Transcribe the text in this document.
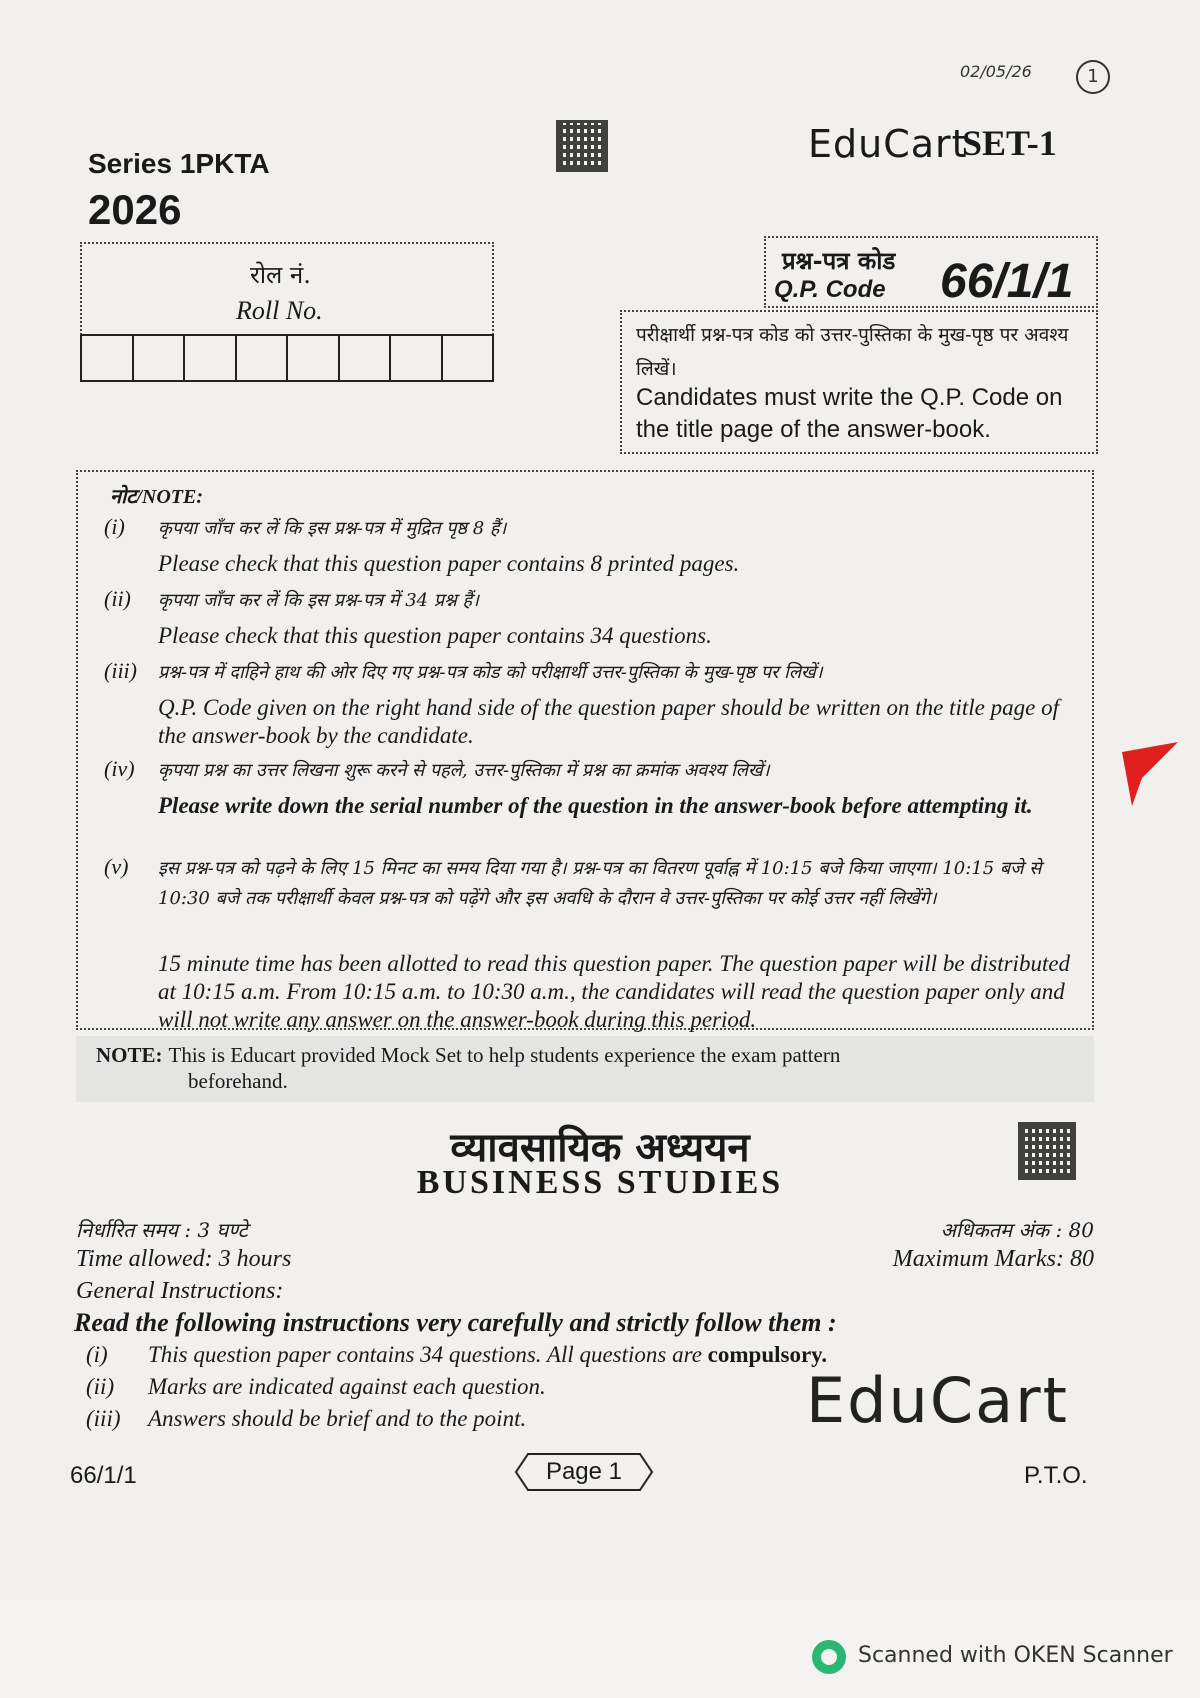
02/05/26	1
Series 1PKTA
2026
EduCart
SET-1
रोल नं.
Roll No.
प्रश्न-पत्र कोड
Q.P. Code 66/1/1
परीक्षार्थी प्रश्न-पत्र कोड को उत्तर-पुस्तिका के मुख-पृष्ठ पर अवश्य लिखें।
Candidates must write the Q.P. Code on the title page of the answer-book.
नोट/NOTE:
(i) कृपया जाँच कर लें कि इस प्रश्न-पत्र में मुद्रित पृष्ठ 8 हैं।
Please check that this question paper contains 8 printed pages.
(ii) कृपया जाँच कर लें कि इस प्रश्न-पत्र में 34 प्रश्न हैं।
Please check that this question paper contains 34 questions.
(iii) प्रश्न-पत्र में दाहिने हाथ की ओर दिए गए प्रश्न-पत्र कोड को परीक्षार्थी उत्तर-पुस्तिका के मुख-पृष्ठ पर लिखें।
Q.P. Code given on the right hand side of the question paper should be written on the title page of the answer-book by the candidate.
(iv) कृपया प्रश्न का उत्तर लिखना शुरू करने से पहले, उत्तर-पुस्तिका में प्रश्न का क्रमांक अवश्य लिखें।
Please write down the serial number of the question in the answer-book before attempting it.
(v) इस प्रश्न-पत्र को पढ़ने के लिए 15 मिनट का समय दिया गया है। प्रश्न-पत्र का वितरण पूर्वाह्न में 10:15 बजे किया जाएगा। 10:15 बजे से 10:30 बजे तक परीक्षार्थी केवल प्रश्न-पत्र को पढ़ेंगे और इस अवधि के दौरान वे उत्तर-पुस्तिका पर कोई उत्तर नहीं लिखेंगे।
15 minute time has been allotted to read this question paper. The question paper will be distributed at 10:15 a.m. From 10:15 a.m. to 10:30 a.m., the candidates will read the question paper only and will not write any answer on the answer-book during this period.
NOTE: This is Educart provided Mock Set to help students experience the exam pattern
beforehand.
व्यावसायिक अध्ययन
BUSINESS STUDIES
निर्धारित समय : 3 घण्टे
Time allowed: 3 hours
अधिकतम अंक : 80
Maximum Marks: 80
General Instructions:
Read the following instructions very carefully and strictly follow them :
(i) This question paper contains 34 questions. All questions are compulsory.
(ii) Marks are indicated against each question.
(iii) Answers should be brief and to the point.	EduCart
66/1/1	Page 1	P.T.O.
Scanned with OKEN Scanner
